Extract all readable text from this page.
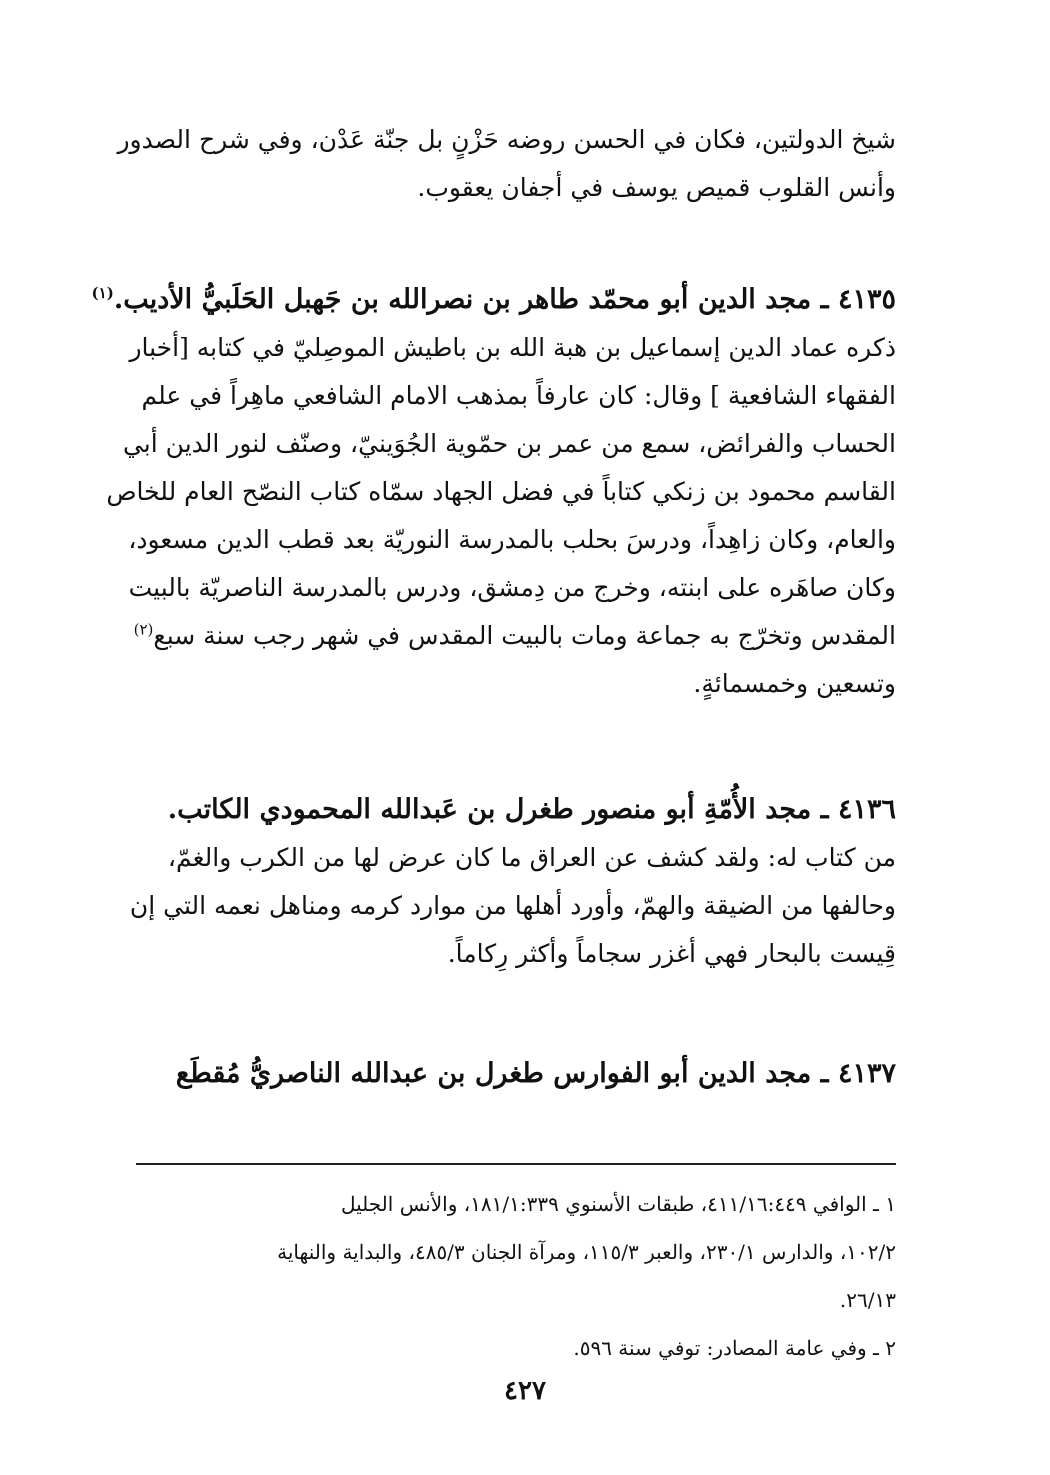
شيخ الدولتين، فكان في الحسن روضه حَزْنٍ بل جنّة عَدْن، وفي شرح الصدور
وأنس القلوب قميص يوسف في أجفان يعقوب.
٤١٣٥ ـ مجد الدين أبو محمّد طاهر بن نصرالله بن جَهبل الحَلَبيُّ الأديب.$^{(١)}$
ذكره عماد الدين إسماعيل بن هبة الله بن باطيش الموصِليّ في كتابه [أخبار
الفقهاء الشافعية ] وقال: كان عارفاً بمذهب الامام الشافعي ماهِراً في علم
الحساب والفرائض، سمع من عمر بن حمّوية الجُوَينيّ، وصنّف لنور الدين أبي
القاسم محمود بن زنكي كتاباً في فضل الجهاد سمّاه كتاب النصّح العام للخاص
والعام، وكان زاهِداً، ودرسَ بحلب بالمدرسة النوريّة بعد قطب الدين مسعود،
وكان صاهَره على ابنته، وخرج من دِمشق، ودرس بالمدرسة الناصريّة بالبيت
المقدس وتخرّج به جماعة ومات بالبيت المقدس في شهر رجب سنة سبع$^{(٢)}$
وتسعين وخمسمائةٍ.
٤١٣٦ ـ مجد الأُمّةِ أبو منصور طغرل بن عَبدالله المحمودي الكاتب.
من كتاب له: ولقد كشف عن العراق ما كان عرض لها من الكرب والغمّ،
وحالفها من الضيقة والهمّ، وأورد أهلها من موارد كرمه ومناهل نعمه التي إن
قِيست بالبحار فهي أغزر سجاماً وأكثر رِكاماً.
٤١٣٧ ـ مجد الدين أبو الفوارس طغرل بن عبدالله الناصريُّ مُقطَع
١ ـ الوافي ٤١١/١٦:٤٤٩، طبقات الأسنوي ١٨١/١:٣٣٩، والأنس الجليل
١٠٢/٢، والدارس ٢٣٠/١، والعبر ١١٥/٣، ومرآة الجنان ٤٨٥/٣، والبداية والنهاية
٢٦/١٣.
٢ ـ وفي عامة المصادر: توفي سنة ٥٩٦.
٤٢٧
